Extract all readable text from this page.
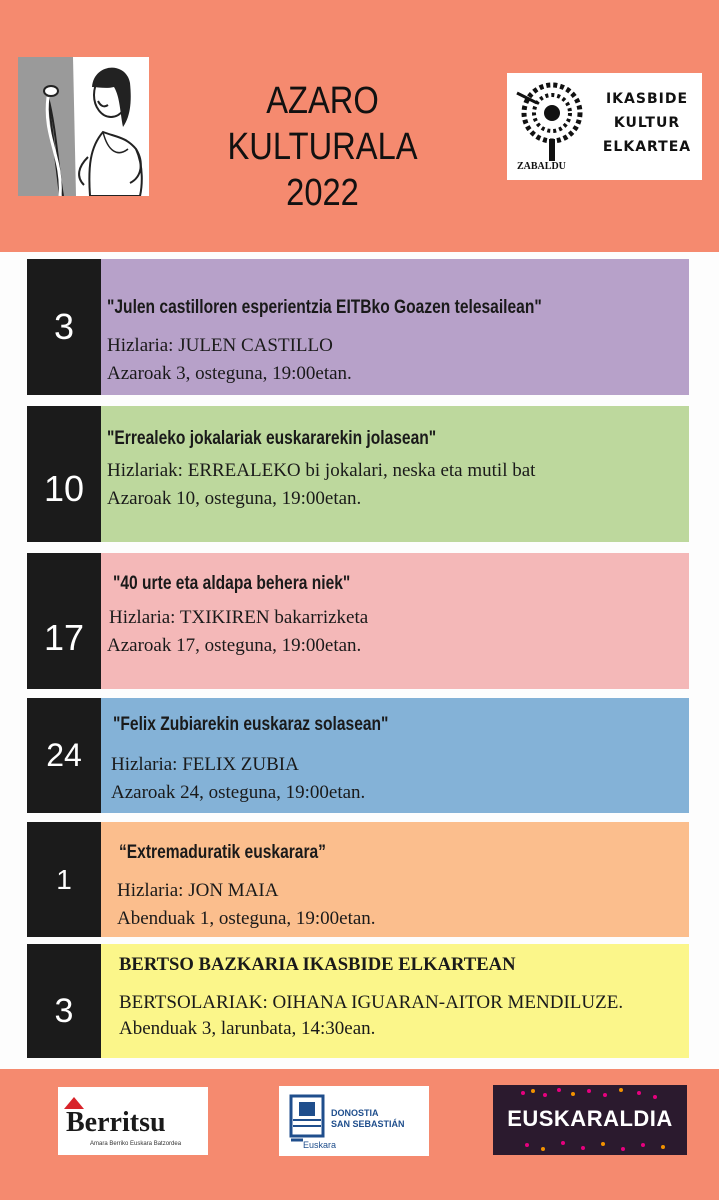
AZARO KULTURALA
2022
IKASBIDE
KULTUR
ELKARTEA
ZABALDU
3	"Julen castilloren esperientzia EITBko Goazen telesailean"
Hizlaria: JULEN CASTILLO
Azaroak 3, osteguna, 19:00etan.
10
"Errealeko jokalariak euskararekin jolasean"
Hizlariak: ERREALEKO bi jokalari, neska eta mutil bat
Azaroak 10, osteguna, 19:00etan.
17
"40 urte eta aldapa behera niek"
Hizlaria: TXIKIREN bakarrizketa
Azaroak 17, osteguna, 19:00etan.
24
"Felix Zubiarekin euskaraz solasean"
Hizlaria: FELIX ZUBIA
Azaroak 24, osteguna, 19:00etan.
1
“Extremaduratik euskarara”
Hizlaria: JON MAIA
Abenduak 1, osteguna, 19:00etan.
3
BERTSO BAZKARIA IKASBIDE ELKARTEAN
BERTSOLARIAK: OIHANA IGUARAN-AITOR MENDILUZE.
Abenduak 3, larunbata, 14:30ean.
Berritsu
Amara Berriko Euskara Batzordea
DONOSTIA
SAN SEBASTIÁN
Euskara
EUSKARALDIA
